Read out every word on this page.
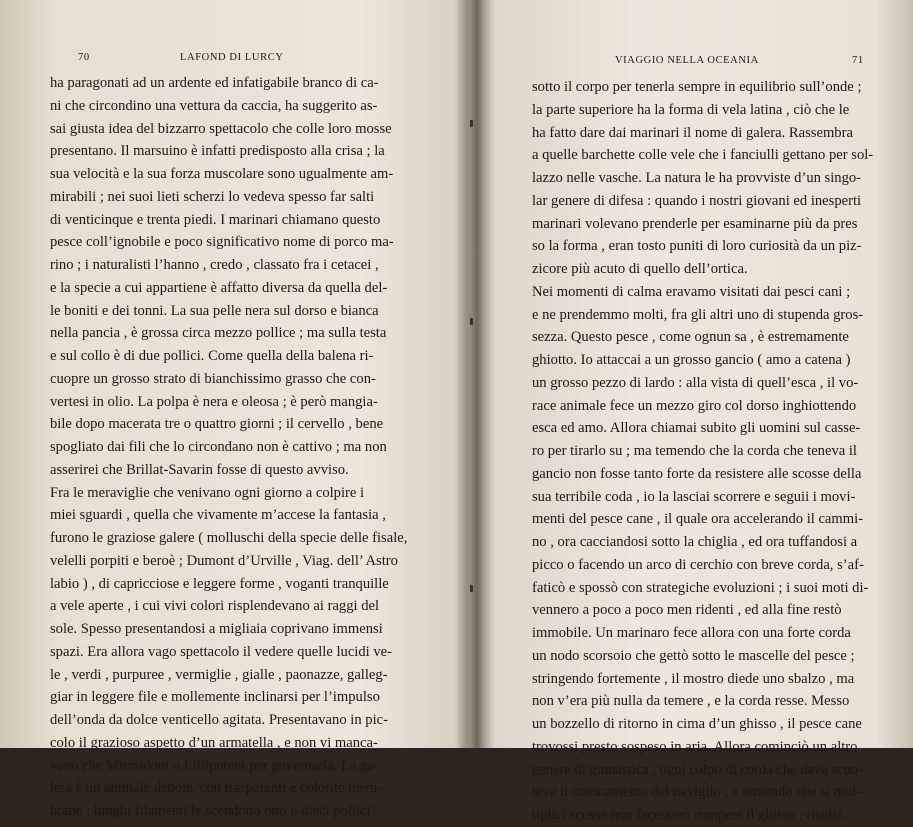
70	LAFOND DI LURCY
ha paragonati ad un ardente ed infatigabile branco di ca-
ni che circondino una vettura da caccia, ha suggerito as-
sai giusta idea del bizzarro spettacolo che colle loro mosse
presentano. Il marsuino è infatti predisposto alla crisa ; la
sua velocità e la sua forza muscolare sono ugualmente am-
mirabili ; nei suoi lieti scherzi lo vedeva spesso far salti
di venticinque e trenta piedi. I marinari chiamano questo
pesce coll’ignobile e poco significativo nome di porco ma-
rino ; i naturalisti l’hanno , credo , classato fra i cetacei ,
e la specie a cui appartiene è affatto diversa da quella del-
le boniti e dei tonni. La sua pelle nera sul dorso e bianca
nella pancia , è grossa circa mezzo pollice ; ma sulla testa
e sul collo è di due pollici. Come quella della balena ri-
cuopre un grosso strato di bianchissimo grasso che con-
vertesi in olio. La polpa è nera e oleosa ; è però mangia-
bile dopo macerata tre o quattro giorni ; il cervello , bene
spogliato dai fili che lo circondano non è cattivo ; ma non
asserirei che Brillat-Savarin fosse di questo avviso.
Fra le meraviglie che venivano ogni giorno a colpire i
miei sguardi , quella che vivamente m’accese la fantasia ,
furono le graziose galere ( molluschi della specie delle fisale,
velelli porpiti e beroè ; Dumont d’Urville , Viag. dell’ Astro
labio ) , di capricciose e leggere forme , voganti tranquille
a vele aperte , i cui vivi colori risplendevano ai raggi del
sole. Spesso presentandosi a migliaia coprivano immensi
spazi. Era allora vago spettacolo il vedere quelle lucidi ve-
le , verdi , purpuree , vermiglie , gialle , paonazze, galleg-
giar in leggere file e mollemente inclinarsi per l’impulso
dell’onda da dolce venticello agitata. Presentavano in pic-
colo il grazioso aspetto d’un armatella , e non vi manca-
vano che Mirmidoni o Lilliputeni per governarla. La ga-
lera è un animale debole, con trasparenti e colorite mem-
brane ; lunghi filamenti le scendono otto o dieci pollici
VIAGGIO NELLA OCEANIA	71
sotto il corpo per tenerla sempre in equilibrio sull’onde ;
la parte superiore ha la forma di vela latina , ciò che le
ha fatto dare dai marinari il nome di galera. Rassembra
a quelle barchette colle vele che i fanciulli gettano per sol-
lazzo nelle vasche. La natura le ha provviste d’un singo-
lar genere di difesa : quando i nostri giovani ed inesperti
marinari volevano prenderle per esaminarne più da pres
so la forma , eran tosto puniti di loro curiosità da un piz-
zicore più acuto di quello dell’ortica.
Nei momenti di calma eravamo visitati dai pesci cani ;
e ne prendemmo molti, fra gli altri uno di stupenda gros-
sezza. Questo pesce , come ognun sa , è estremamente
ghiotto. Io attaccai a un grosso gancio ( amo a catena )
un grosso pezzo di lardo : alla vista di quell’esca , il vo-
race animale fece un mezzo giro col dorso inghiottendo
esca ed amo. Allora chiamai subito gli uomini sul casse-
ro per tirarlo su ; ma temendo che la corda che teneva il
gancio non fosse tanto forte da resistere alle scosse della
sua terribile coda , io la lasciai scorrere e seguii i movi-
menti del pesce cane , il quale ora accelerando il cammi-
no , ora cacciandosi sotto la chiglia , ed ora tuffandosi a
picco o facendo un arco di cerchio con breve corda, s’af-
faticò e spossò con strategiche evoluzioni ; i suoi moti di-
vennero a poco a poco men ridenti , ed alla fine restò
immobile. Un marinaro fece allora con una forte corda
un nodo scorsoio che gettò sotto le mascelle del pesce ;
stringendo fortemente , il mostro diede uno sbalzo , ma
non v’era più nulla da temere , e la corda resse. Messo
un bozzello di ritorno in cima d’un ghisso , il pesce cane
trovossi presto sospeso in aria. Allora cominciò un altro
genere di ginnastica , ogni colpo di corda che dava scuo-
teva il coronamento del naviglio ; e temendo che sì mol-
tiplici scosse non facessero rompere il ghisso , risolsi
